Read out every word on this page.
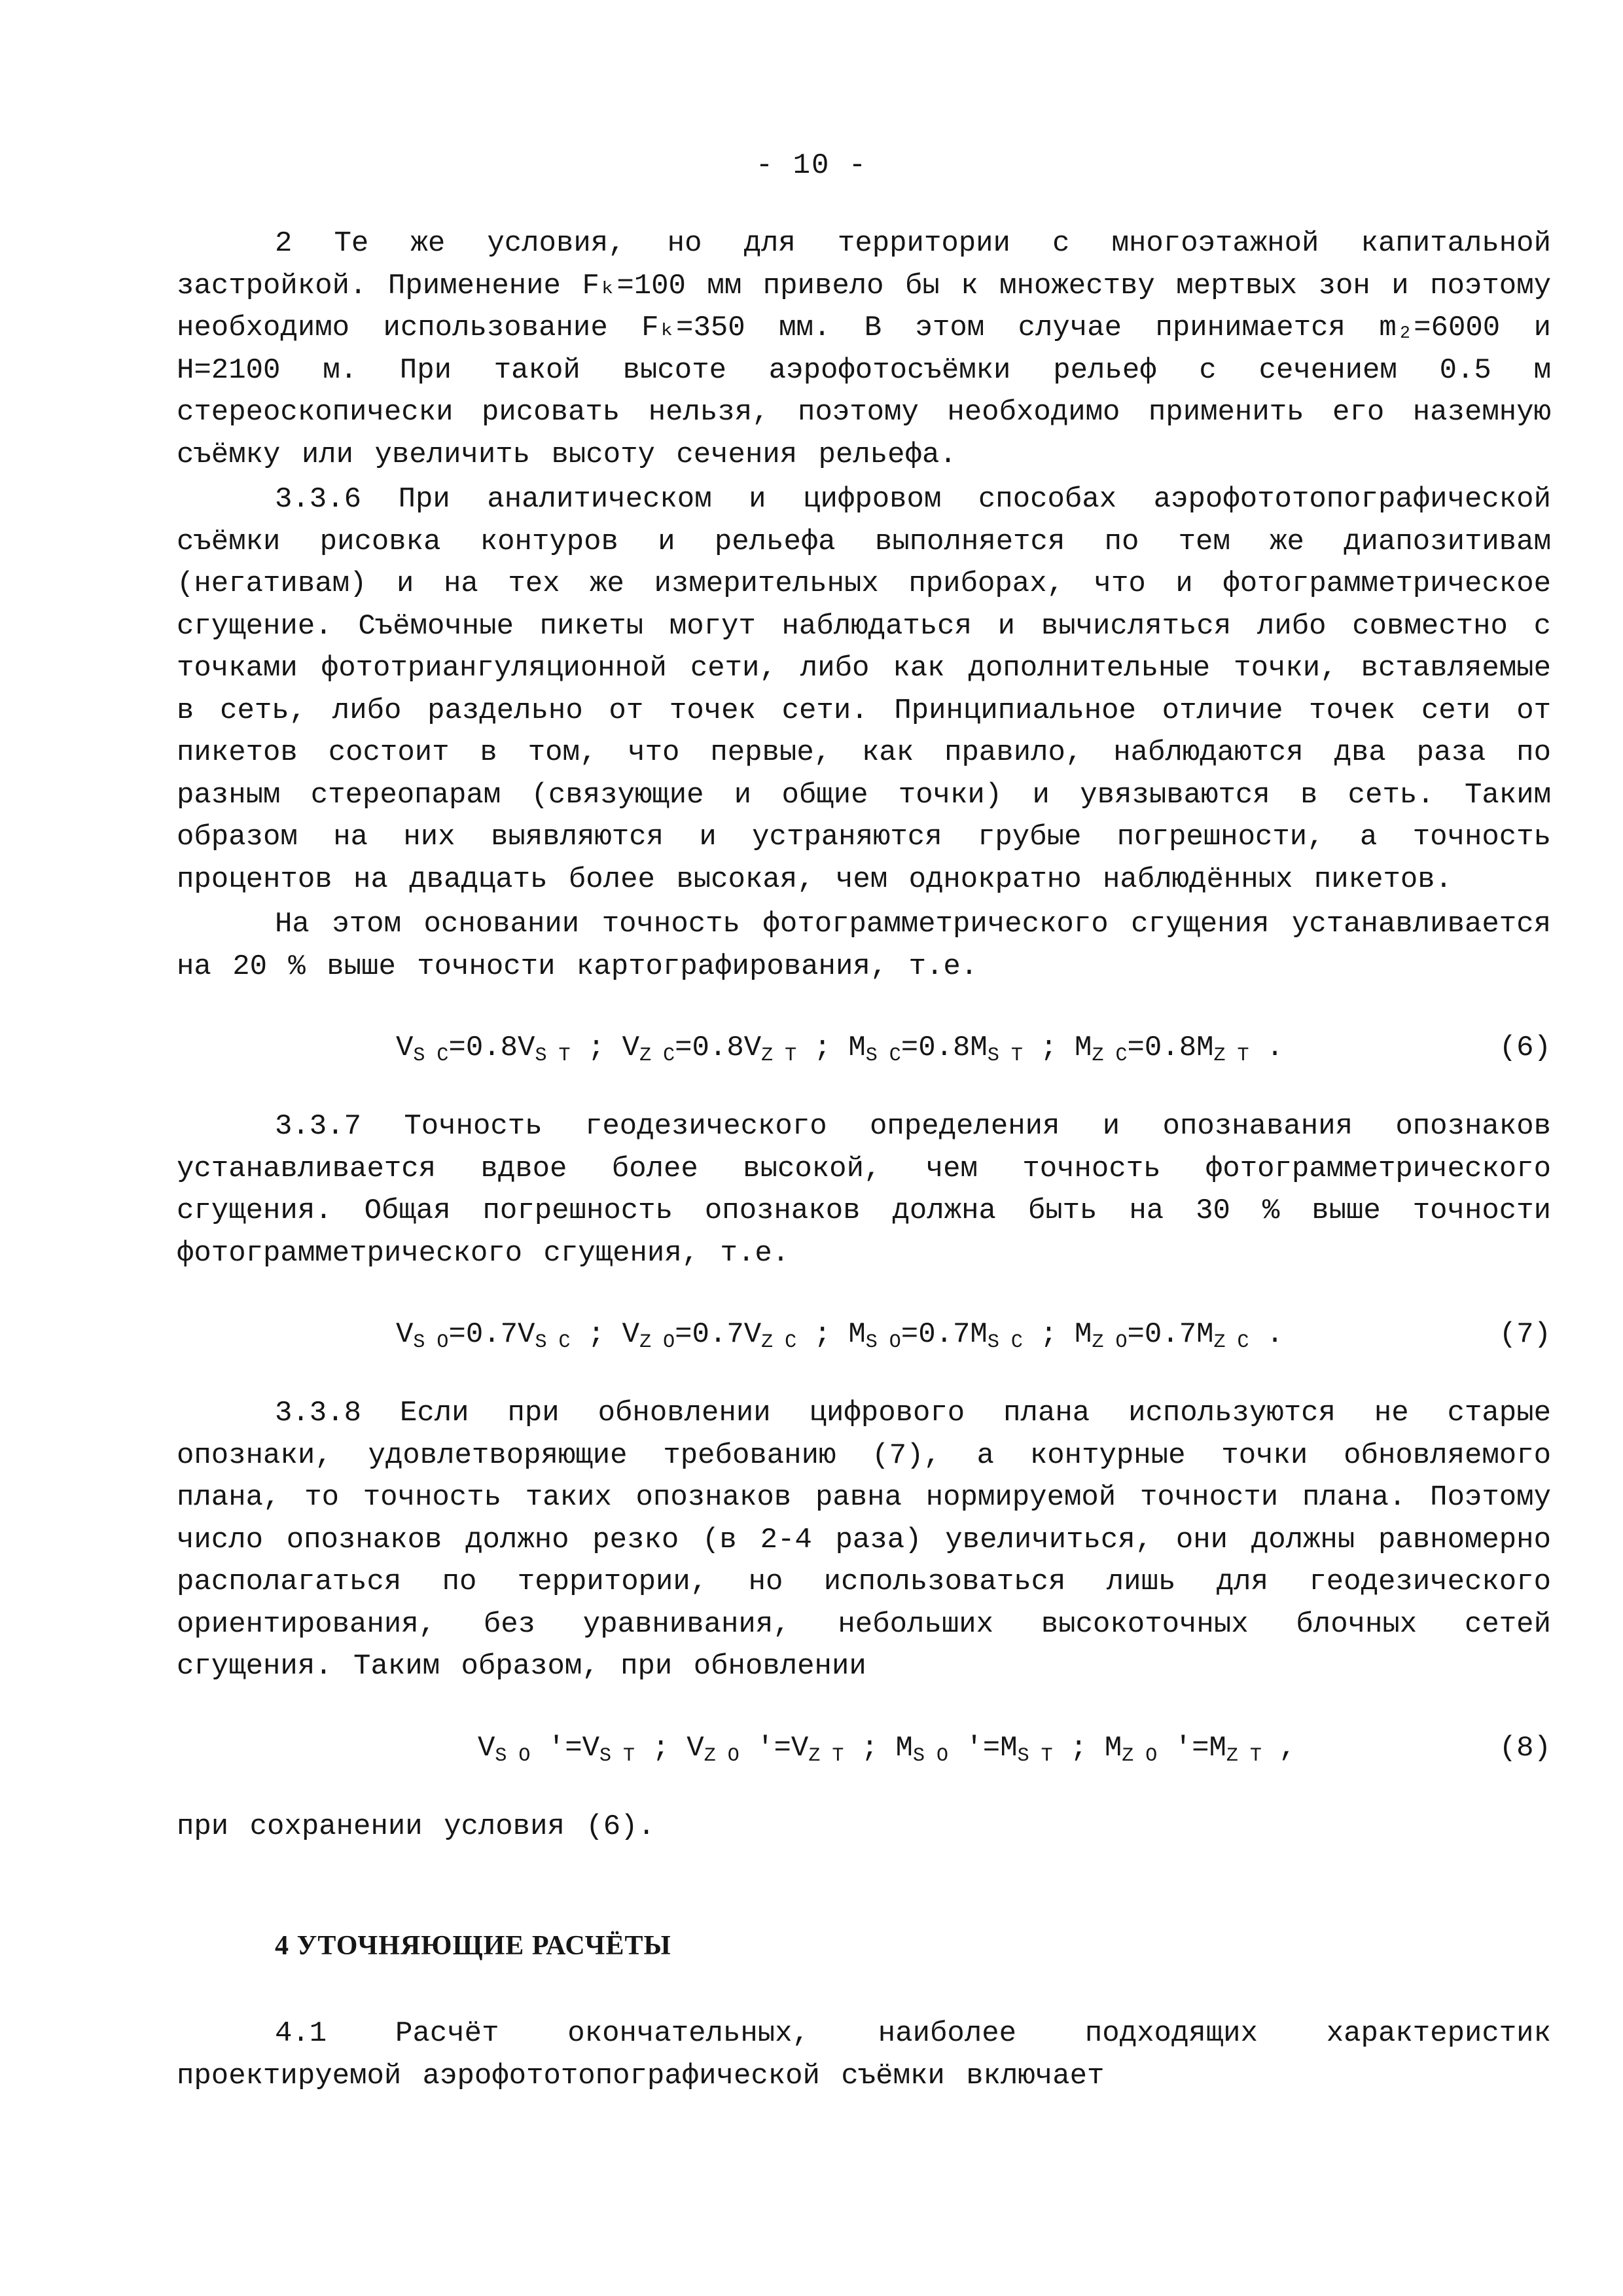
- 10 -

2 Те же условия, но для территории с многоэтажной капитальной застройкой. Применение Fₖ=100 мм привело бы к множеству мертвых зон и поэтому необходимо использование Fₖ=350 мм. В этом случае принимается m₂=6000 и H=2100 м. При такой высоте аэрофотосъёмки рельеф с сечением 0.5 м стереоскопически рисовать нельзя, поэтому необходимо применить его наземную съёмку или увеличить высоту сечения рельефа.

3.3.6 При аналитическом и цифровом способах аэрофототопографической съёмки рисовка контуров и рельефа выполняется по тем же диапозитивам (негативам) и на тех же измерительных приборах, что и фотограмметрическое сгущение. Съёмочные пикеты могут наблюдаться и вычисляться либо совместно с точками фототриангуляционной сети, либо как дополнительные точки, вставляемые в сеть, либо раздельно от точек сети. Принципиальное отличие точек сети от пикетов состоит в том, что первые, как правило, наблюдаются два раза по разным стереопарам (связующие и общие точки) и увязываются в сеть. Таким образом на них выявляются и устраняются грубые погрешности, а точность процентов на двадцать более высокая, чем однократно наблюдённых пикетов.

На этом основании точность фотограмметрического сгущения устанавливается на 20 % выше точности картографирования, т.е.

$V_{S C}=0.8V_{S T}$ ; $V_{Z C}=0.8V_{Z T}$ ; $M_{S C}=0.8M_{S T}$ ; $M_{Z C}=0.8M_{Z T}$ .	(6)

3.3.7 Точность геодезического определения и опознавания опознаков устанавливается вдвое более высокой, чем точность фотограмметрического сгущения. Общая погрешность опознаков должна быть на 30 % выше точности фотограмметрического сгущения, т.е.

$V_{S O}=0.7V_{S C}$ ; $V_{Z O}=0.7V_{Z C}$ ; $M_{S O}=0.7M_{S C}$ ; $M_{Z O}=0.7M_{Z C}$ .	(7)

3.3.8 Если при обновлении цифрового плана используются не старые опознаки, удовлетворяющие требованию (7), а контурные точки обновляемого плана, то точность таких опознаков равна нормируемой точности плана. Поэтому число опознаков должно резко (в 2-4 раза) увеличиться, они должны равномерно располагаться по территории, но использоваться лишь для геодезического ориентирования, без уравнивания, небольших высокоточных блочных сетей сгущения. Таким образом, при обновлении

$V_{S O}$ '$=V_{S T}$ ; $V_{Z O}$ '$=V_{Z T}$ ; $M_{S O}$ '$=M_{S T}$ ; $M_{Z O}$ '$=M_{Z T}$ ,	(8)

при сохранении условия (6).

4 УТОЧНЯЮЩИЕ РАСЧЁТЫ

4.1 Расчёт окончательных, наиболее подходящих характеристик проектируемой аэрофототопографической съёмки включает
